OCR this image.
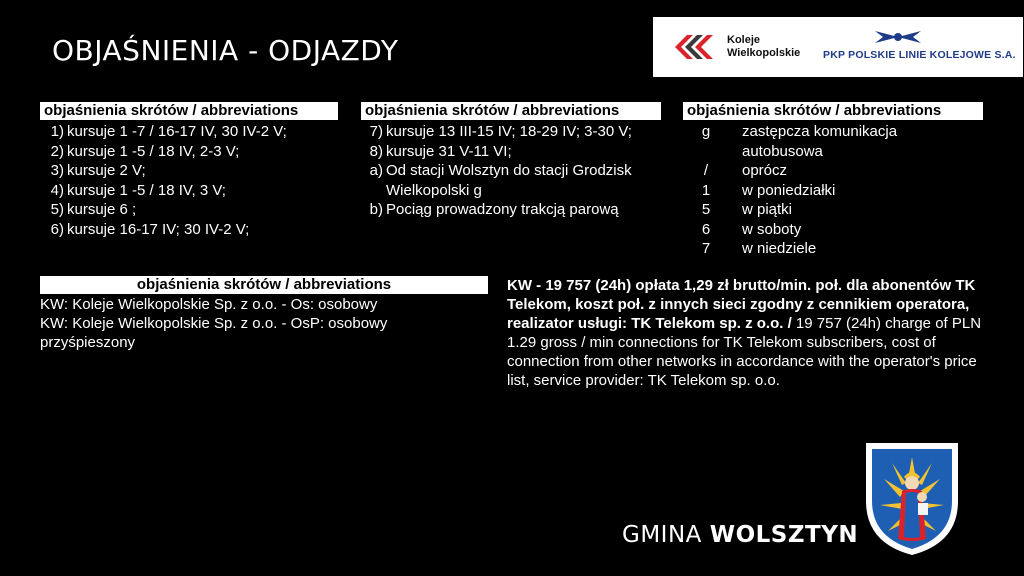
OBJAŚNIENIA - ODJAZDY	Koleje
Wielkopolskie PKP POLSKIE LINIE KOLEJOWE S.A.
objaśnienia skrótów / abbreviations	objaśnienia skrótów / abbreviations	objaśnienia skrótów / abbreviations
objaśnienia skrótów / abbreviations
1) kursuje 1 -7 / 16-17 IV, 30 IV-2 V;
2) kursuje 1 -5 / 18 IV, 2-3 V;
3) kursuje 2 V;
4) kursuje 1 -5 / 18 IV, 3 V;
5) kursuje 6 ;
6) kursuje 16-17 IV; 30 IV-2 V;
7) kursuje 13 III-15 IV; 18-29 IV; 3-30 V;
8) kursuje 31 V-11 VI;
a) Od stacji Wolsztyn do stacji Grodzisk Wielkopolski g
b) Pociąg prowadzony trakcją parową
g	zastępcza komunikacja autobusowa
/	oprócz
1	w poniedziałki
5	w piątki
6	w soboty
7	w niedziele
KW: Koleje Wielkopolskie Sp. z o.o. - Os: osobowy
KW: Koleje Wielkopolskie Sp. z o.o. - OsP: osobowy przyśpieszony
KW - 19 757 (24h) opłata 1,29 zł brutto/min. poł. dla abonentów TK Telekom, koszt poł. z innych sieci zgodny z cennikiem operatora, realizator usługi: TK Telekom sp. z o.o. / 19 757 (24h) charge of PLN 1.29 gross / min connections for TK Telekom subscribers, cost of connection from other networks in accordance with the operator's price list, service provider: TK Telekom sp. o.o.
GMINA WOLSZTYN
